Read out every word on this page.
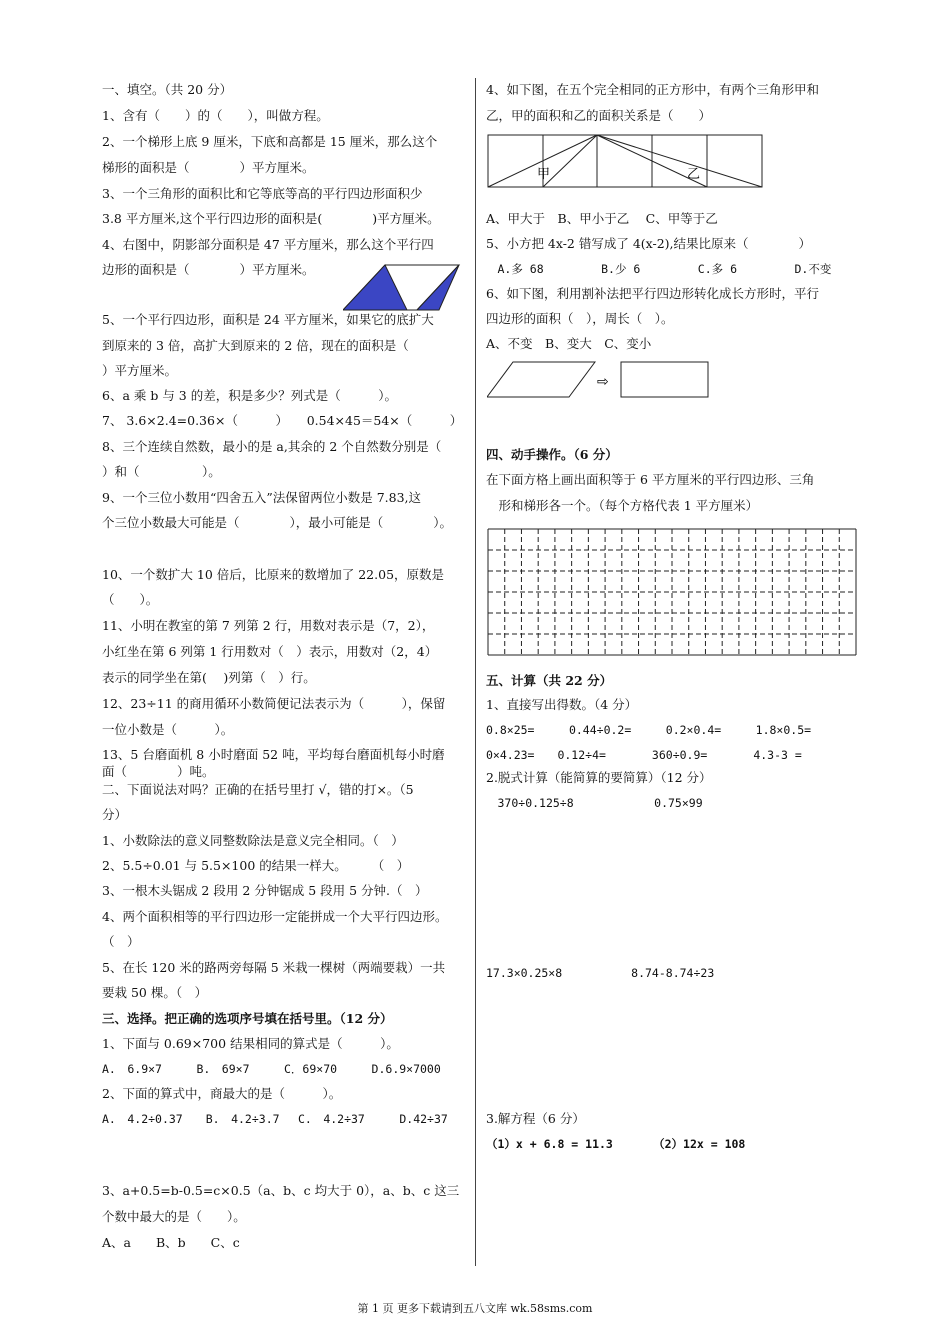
一、填空。（共 20 分）
1、含有（　　）的（　　），叫做方程。
2、一个梯形上底 9 厘米，下底和高都是 15 厘米，那么这个
梯形的面积是（　　　　）平方厘米。
3、一个三角形的面积比和它等底等高的平行四边形面积少
3.8 平方厘米,这个平行四边形的面积是(　　　　)平方厘米。
4、右图中，阴影部分面积是 47 平方厘米，那么这个平行四
边形的面积是（　　　　）平方厘米。
5、一个平行四边形，面积是 24 平方厘米，如果它的底扩大
到原来的 3 倍，高扩大到原来的 2 倍，现在的面积是（
）平方厘米。
6、a 乘 b 与 3 的差，积是多少？列式是（　　　）。
7、 3.6×2.4=0.36×（　　　）　　0.54×45＝54×（　　　）
8、三个连续自然数，最小的是 a,其余的 2 个自然数分别是（
）和（　　　　　）。
9、一个三位小数用“四舍五入”法保留两位小数是 7.83,这
个三位小数最大可能是（　　　　），最小可能是（　　　　）。
10、一个数扩大 10 倍后，比原来的数增加了 22.05，原数是
（　　）。
11、小明在教室的第 7 列第 2 行，用数对表示是（7，2），
小红坐在第 6 列第 1 行用数对（　）表示，用数对（2，4）
表示的同学坐在第(　 )列第（　）行。
12、23÷11 的商用循环小数简便记法表示为（　　　），保留
一位小数是（　　　）。
13、5 台磨面机 8 小时磨面 52 吨，平均每台磨面机每小时磨
面（　　　　）吨。
二、下面说法对吗？正确的在括号里打 √，错的打×。（5
分）
1、小数除法的意义同整数除法是意义完全相同。（　）
2、5.5÷0.01 与 5.5×100 的结果一样大。　　　（　）
3、一根木头锯成 2 段用 2 分钟锯成 5 段用 5 分钟.（　）
4、两个面积相等的平行四边形一定能拼成一个大平行四边形。
（　）
5、在长 120 米的路两旁每隔 5 米栽一棵树（两端要栽）一共
要栽 50 棵。（　）
三、选择。把正确的选项序号填在括号里。（12 分）
1、下面与 0.69×700 结果相同的算式是（　　　）。
A.　6.9×7　　　B.　69×7　　　C．69×70　　　D.6.9×7000
2、下面的算式中，商最大的是（　　　）。
A.　4.2÷0.37　　B.　4.2÷3.7　 C.　4.2÷37　　　D.42÷37
3、a+0.5=b-0.5=c×0.5（a、b、c 均大于 0），a、b、c 这三
个数中最大的是（　　）。
A、a　　B、b　　C、c
4、如下图，在五个完全相同的正方形中，有两个三角形甲和
乙，甲的面积和乙的面积关系是（　　）
A、甲大于　B、甲小于乙　 C、甲等于乙
5、小方把 4x-2 错写成了 4(x-2),结果比原来（　　　　）
　A.多 68　　　　　B.少 6　　　　　C.多 6　　　　　D.不变
6、如下图，利用割补法把平行四边形转化成长方形时，平行
四边形的面积（　），周长（　）。
A、不变　B、变大　C、变小
四、动手操作。（6 分）
在下面方格上画出面积等于 6 平方厘米的平行四边形、三角
　形和梯形各一个。（每个方格代表 1 平方厘米）
五、计算（共 22 分）
1、直接写出得数。（4 分）
0.8×25=　　　0.44÷0.2=　　　0.2×0.4=　　　1.8×0.5=
0×4.23=　　0.12÷4=　　　　360÷0.9=　　　　4.3-3 =
2.脱式计算（能简算的要简算）（12 分）
　370÷0.125÷8　　　　　　　0.75×99
17.3×0.25×8　　　　　　8.74-8.74÷23
3.解方程（6 分）
（1）x + 6.8 = 11.3　　　　（2）12x = 108
甲	乙
⇨
第 1 页 更多下载请到五八文库 wk.58sms.com
